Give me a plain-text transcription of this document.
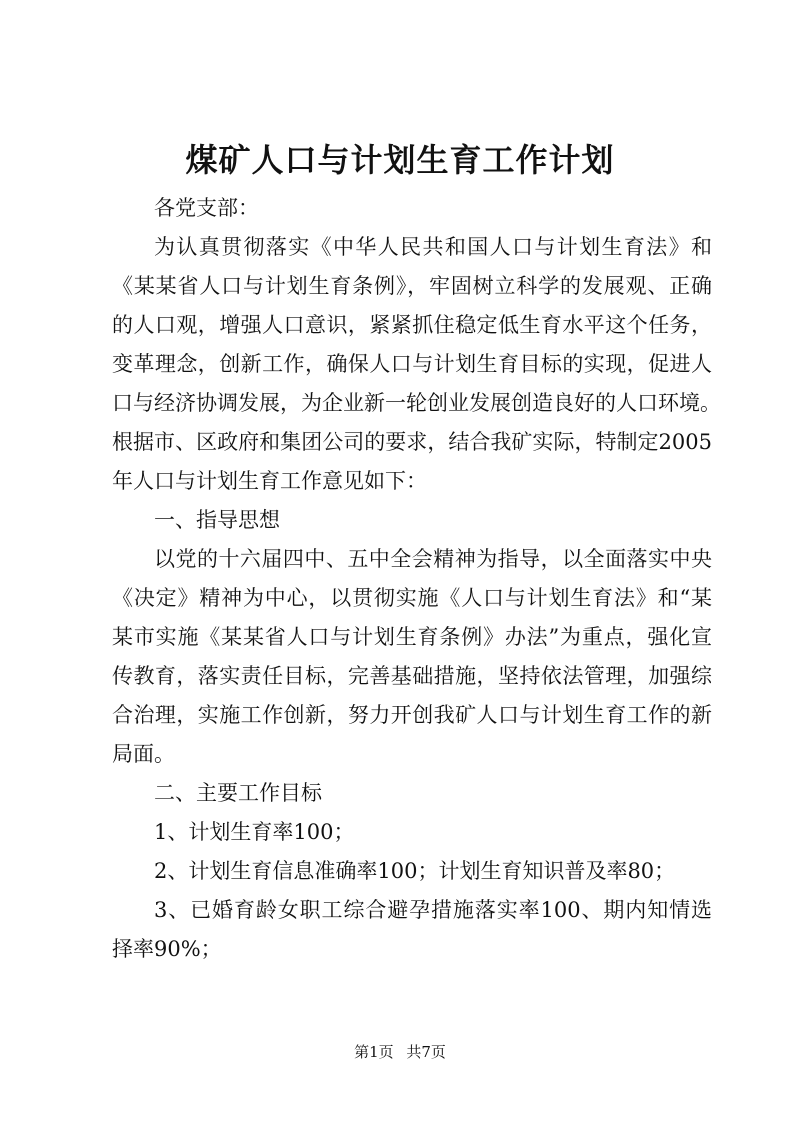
煤矿人口与计划生育工作计划
各党支部：
为认真贯彻落实《中华人民共和国人口与计划生育法》和
《某某省人口与计划生育条例》，牢固树立科学的发展观、正确
的人口观，增强人口意识，紧紧抓住稳定低生育水平这个任务，
变革理念，创新工作，确保人口与计划生育目标的实现，促进人
口与经济协调发展，为企业新一轮创业发展创造良好的人口环境。
根据市、区政府和集团公司的要求，结合我矿实际，特制定2005
年人口与计划生育工作意见如下：
一、指导思想
以党的十六届四中、五中全会精神为指导，以全面落实中央
《决定》精神为中心，以贯彻实施《人口与计划生育法》和“某
某市实施《某某省人口与计划生育条例》办法”为重点，强化宣
传教育，落实责任目标，完善基础措施，坚持依法管理，加强综
合治理，实施工作创新，努力开创我矿人口与计划生育工作的新
局面。
二、主要工作目标
1、计划生育率100；
2、计划生育信息准确率100；计划生育知识普及率80；
3、已婚育龄女职工综合避孕措施落实率100、期内知情选
择率90%；
第1页 共7页
